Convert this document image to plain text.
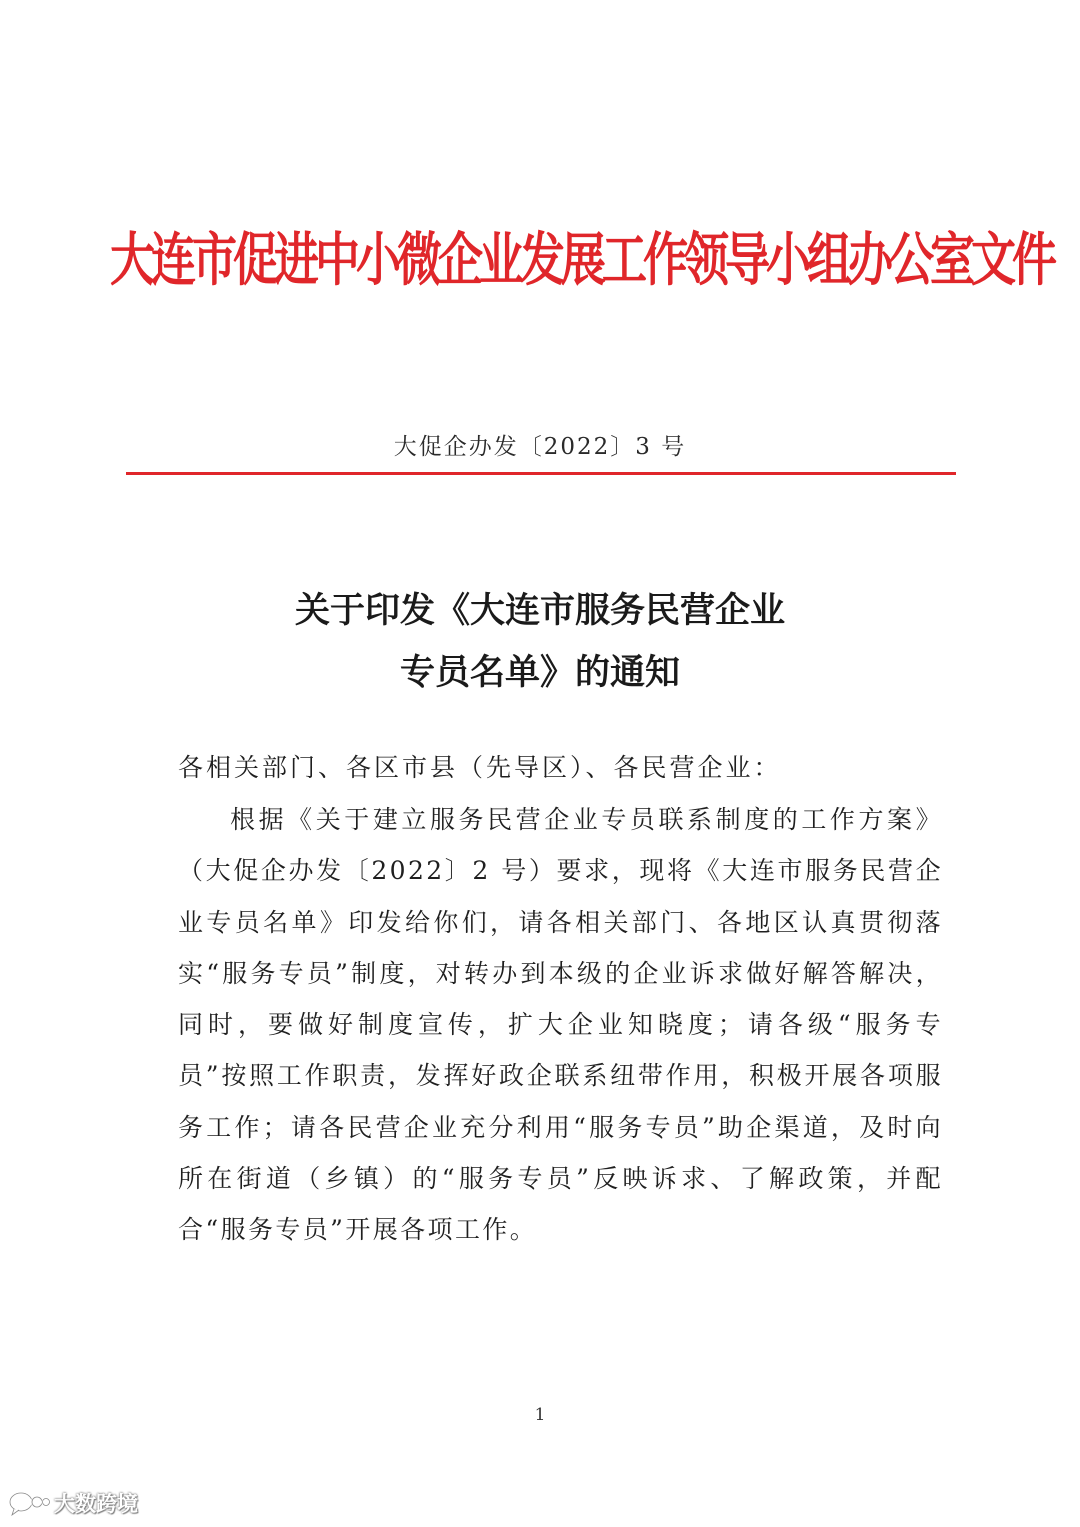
大连市促进中小微企业发展工作领导小组办公室文件
大促企办发〔2022〕3 号
关于印发《大连市服务民营企业
专员名单》的通知
各相关部门、各区市县（先导区）、各民营企业：

根据《关于建立服务民营企业专员联系制度的工作方案》（大促企办发〔2022〕2 号）要求，现将《大连市服务民营企业专员名单》印发给你们，请各相关部门、各地区认真贯彻落实“服务专员”制度，对转办到本级的企业诉求做好解答解决，同时，要做好制度宣传，扩大企业知晓度；请各级“服务专员”按照工作职责，发挥好政企联系纽带作用，积极开展各项服务工作；请各民营企业充分利用“服务专员”助企渠道，及时向所在街道（乡镇）的“服务专员”反映诉求、了解政策，并配合“服务专员”开展各项工作。

1
大数跨境
